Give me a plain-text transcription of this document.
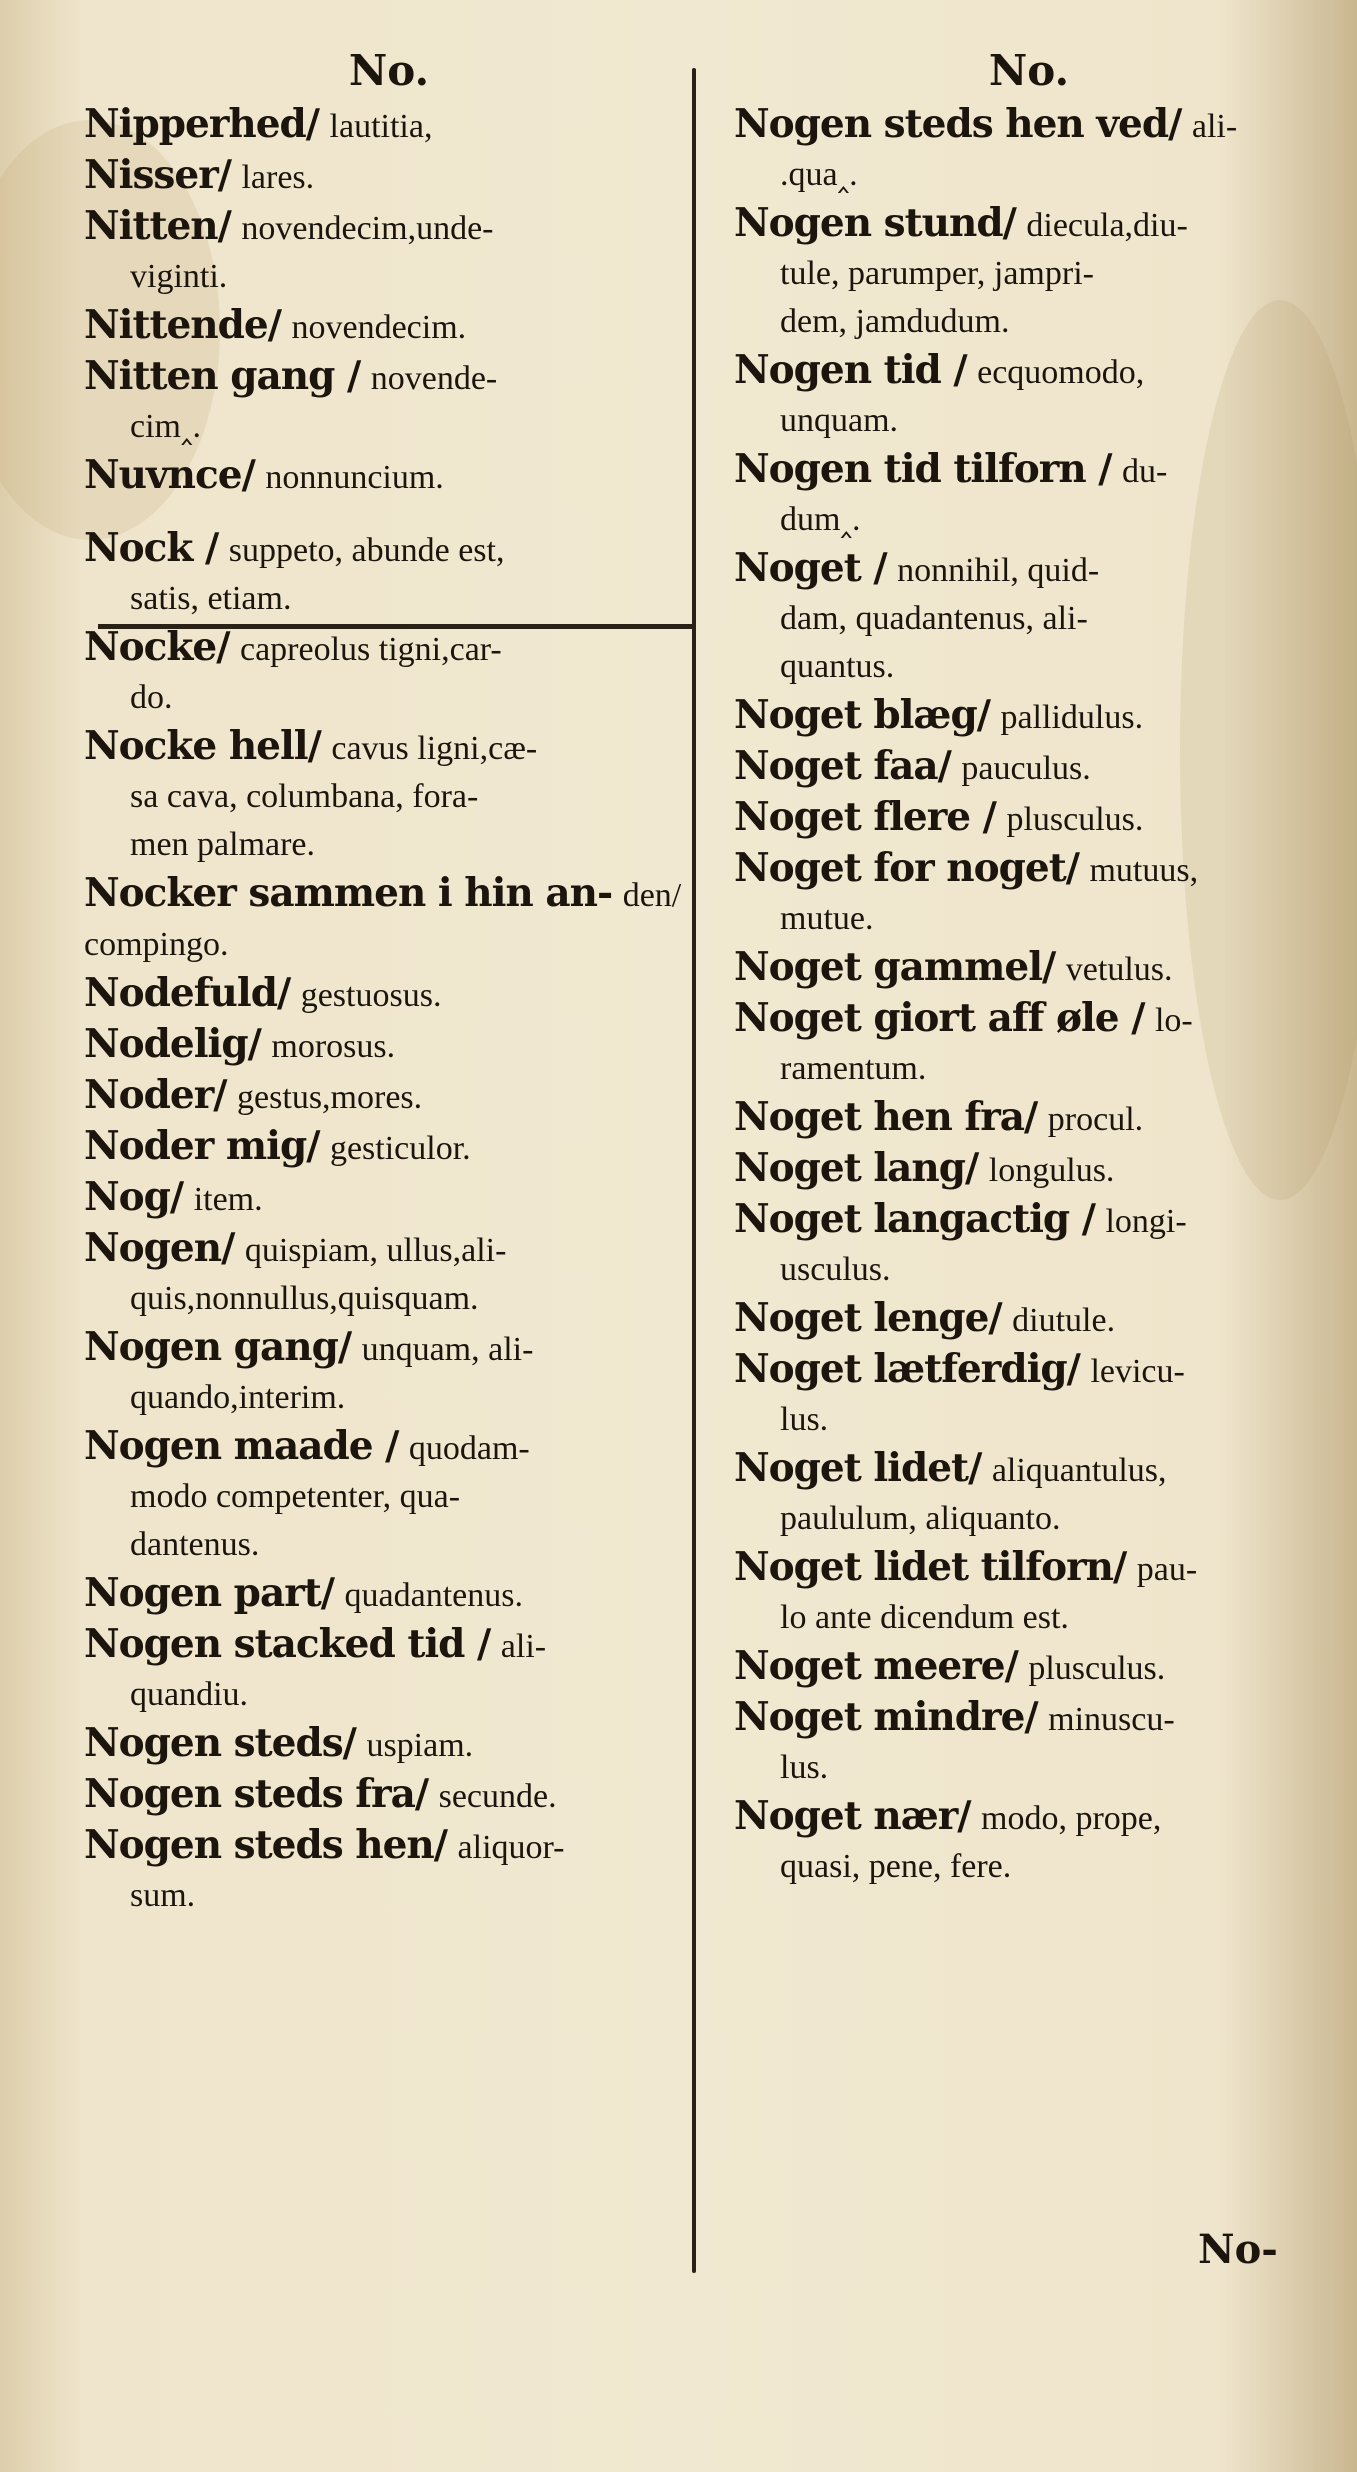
No.
Nipperhed/ lautitia,
Nisser/ lares.
Nitten/ novendecim,unde-
viginti.
Nittende/ novendecim.
Nitten gang / novende-
cim‸.
Nuvnce/ nonnuncium.
Nock / suppeto, abunde est,
satis, etiam.
Nocke/ capreolus tigni,car-
do.
Nocke hell/ cavus ligni,cæ-
sa cava, columbana, fora-
men palmare.
Nocker sammen i hin an- den/ compingo.
Nodefuld/ gestuosus.
Nodelig/ morosus.
Noder/ gestus,mores.
Noder mig/ gesticulor.
Nog/ item.
Nogen/ quispiam, ullus,ali-
quis,nonnullus,quisquam.
Nogen gang/ unquam, ali-
quando,interim.
Nogen maade / quodam-
modo competenter, qua-
dantenus.
Nogen part/ quadantenus.
Nogen stacked tid / ali-
quandiu.
Nogen steds/ uspiam.
Nogen steds fra/ secunde.
Nogen steds hen/ aliquor-
sum.
No.
Nogen steds hen ved/ ali-
.qua‸.
Nogen stund/ diecula,diu-
tule, parumper, jampri-
dem, jamdudum.
Nogen tid / ecquomodo,
unquam.
Nogen tid tilforn / du-
dum‸.
Noget / nonnihil, quid-
dam, quadantenus, ali-
quantus.
Noget blæg/ pallidulus.
Noget faa/ pauculus.
Noget flere / plusculus.
Noget for noget/ mutuus,
mutue.
Noget gammel/ vetulus.
Noget giort aff øle / lo-
ramentum.
Noget hen fra/ procul.
Noget lang/ longulus.
Noget langactig / longi-
usculus.
Noget lenge/ diutule.
Noget lætferdig/ levicu-
lus.
Noget lidet/ aliquantulus,
paululum, aliquanto.
Noget lidet tilforn/ pau-
lo ante dicendum est.
Noget meere/ plusculus.
Noget mindre/ minuscu-
lus.
Noget nær/ modo, prope,
quasi, pene, fere.
No-
